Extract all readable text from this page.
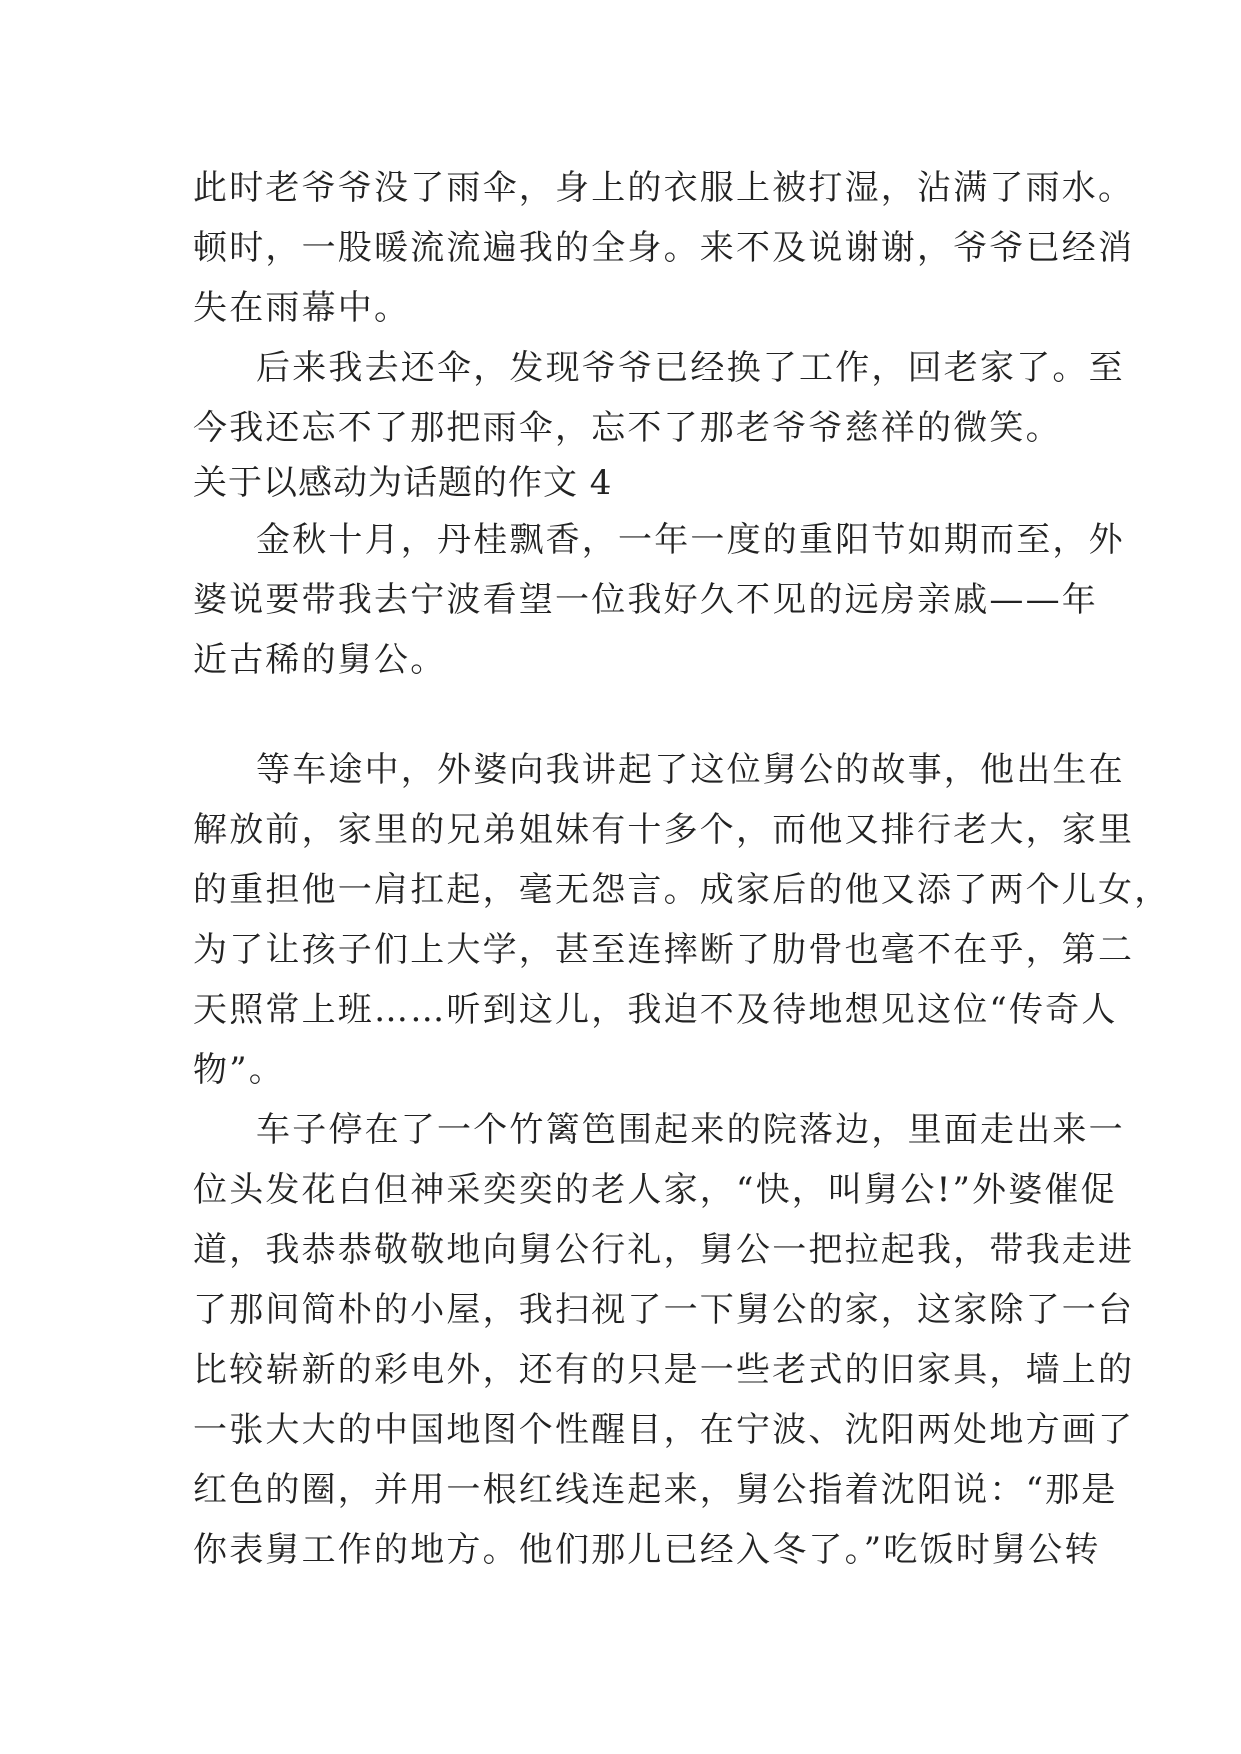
此时老爷爷没了雨伞，身上的衣服上被打湿，沾满了雨水。
顿时，一股暖流流遍我的全身。来不及说谢谢，爷爷已经消
失在雨幕中。
后来我去还伞，发现爷爷已经换了工作，回老家了。至
今我还忘不了那把雨伞，忘不了那老爷爷慈祥的微笑。
关于以感动为话题的作文 4
金秋十月，丹桂飘香，一年一度的重阳节如期而至，外
婆说要带我去宁波看望一位我好久不见的远房亲戚——年
近古稀的舅公。
等车途中，外婆向我讲起了这位舅公的故事，他出生在
解放前，家里的兄弟姐妹有十多个，而他又排行老大，家里
的重担他一肩扛起，毫无怨言。成家后的他又添了两个儿女，
为了让孩子们上大学，甚至连摔断了肋骨也毫不在乎，第二
天照常上班……听到这儿，我迫不及待地想见这位“传奇人
物”。
车子停在了一个竹篱笆围起来的院落边，里面走出来一
位头发花白但神采奕奕的老人家，“快，叫舅公!”外婆催促
道，我恭恭敬敬地向舅公行礼，舅公一把拉起我，带我走进
了那间简朴的小屋，我扫视了一下舅公的家，这家除了一台
比较崭新的彩电外，还有的只是一些老式的旧家具，墙上的
一张大大的中国地图个性醒目，在宁波、沈阳两处地方画了
红色的圈，并用一根红线连起来，舅公指着沈阳说：“那是
你表舅工作的地方。他们那儿已经入冬了。”吃饭时舅公转
